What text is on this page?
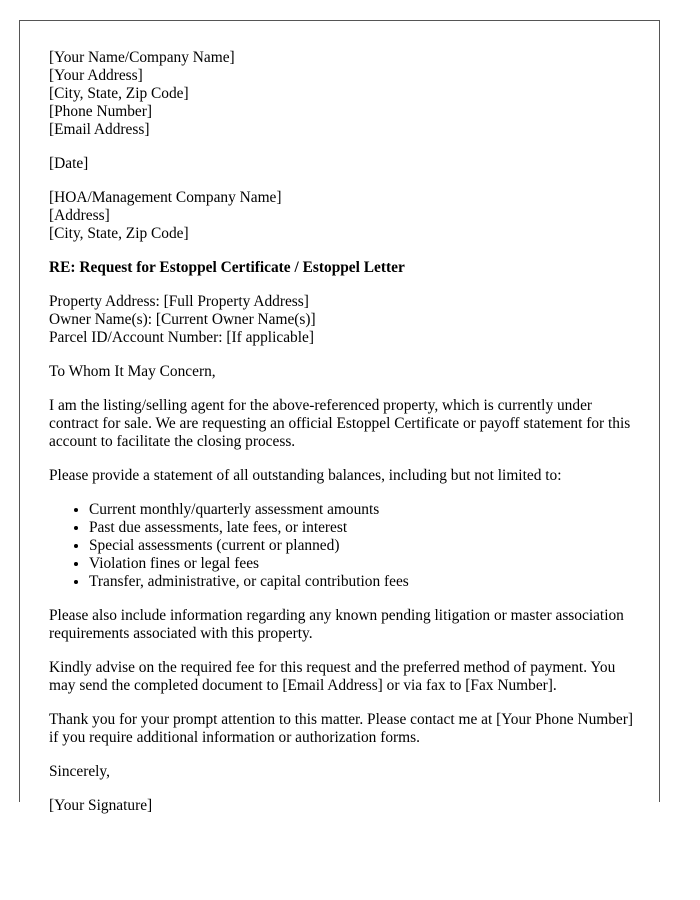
[Your Name/Company Name]
[Your Address]
[City, State, Zip Code]
[Phone Number]
[Email Address]
[Date]
[HOA/Management Company Name]
[Address]
[City, State, Zip Code]
RE: Request for Estoppel Certificate / Estoppel Letter
Property Address: [Full Property Address]
Owner Name(s): [Current Owner Name(s)]
Parcel ID/Account Number: [If applicable]

To Whom It May Concern,

I am the listing/selling agent for the above-referenced property, which is currently under contract for sale. We are requesting an official Estoppel Certificate or payoff statement for this account to facilitate the closing process.

Please provide a statement of all outstanding balances, including but not limited to:

• Current monthly/quarterly assessment amounts
• Past due assessments, late fees, or interest
• Special assessments (current or planned)
• Violation fines or legal fees
• Transfer, administrative, or capital contribution fees

Please also include information regarding any known pending litigation or master association requirements associated with this property.

Kindly advise on the required fee for this request and the preferred method of payment. You may send the completed document to [Email Address] or via fax to [Fax Number].

Thank you for your prompt attention to this matter. Please contact me at [Your Phone Number] if you require additional information or authorization forms.

Sincerely,

[Your Signature]
